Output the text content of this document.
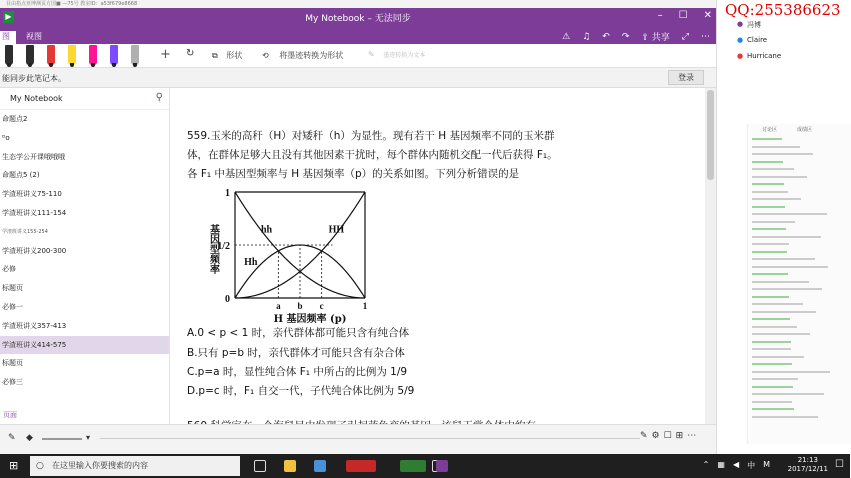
目由指点亚博测页方国■ —75号 教室ID：a53f679e8668
▶	My Notebook – 无法同步	– ☐ ✕
图	视图	⚠ ♫ ↶ ↷ ⇪ 共享 ⤢ ⋯
+ ↻ ⧉ 形状 ⟲ 将墨迹转换为形状	✎ 墨迹转换为文本
能同步此笔记本。	登录
My Notebook	⚲
命题点2
ᴰo
生态学公开课哦哦哦
命题点5 (2)
学渣班讲义75-110
学渣班讲义111-154
学渣班讲义155-254
学渣班讲义200-300
必修
标题页
必修一
学渣班讲义357-413
学渣班讲义414-575
标题页
必修三
页面
559.玉米的高秆（H）对矮秆（h）为显性。现有若干 H 基因频率不同的玉米群
体，在群体足够大且没有其他因素干扰时，每个群体内随机交配一代后获得 F₁。
各 F₁ 中基因型频率与 H 基因频率（p）的关系如图。下列分析错误的是
hh	HH
Hh
0
1/2
1
a b c	1
基因型频率
H 基因频率 (p)
A.0 < p < 1 时，亲代群体都可能只含有纯合体
B.只有 p=b 时，亲代群体才可能只含有杂合体
C.p=a 时，显性纯合体 F₁ 中所占的比例为 1/9
D.p=c 时，F₁ 自交一代，子代纯合体比例为 5/9
✎ ◆	▾	✎⚙☐⊞⋯
QQ:255386623
● 冯博
● Claire
● Hurricane
讨论区	成绩区
⊞ ○ 在这里输入你要搜索的内容	⌃ ▦ ◀ 中 M	21:13
2017/12/11 ☐
